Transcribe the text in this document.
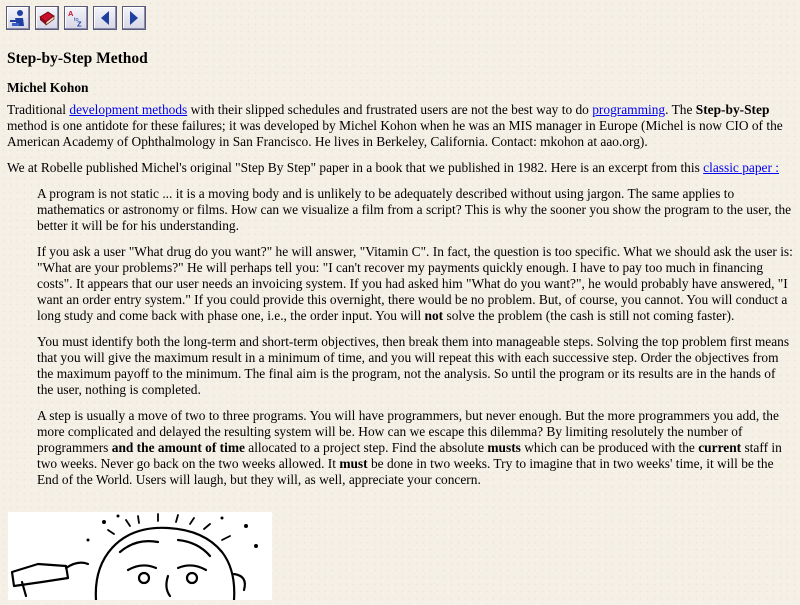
A
to
Z
Step-by-Step Method

Michel Kohon

Traditional development methods with their slipped schedules and frustrated users are not the best way to do programming. The Step-by-Step method is one antidote for these failures; it was developed by Michel Kohon when he was an MIS manager in Europe (Michel is now CIO of the American Academy of Ophthalmology in San Francisco. He lives in Berkeley, California. Contact: mkohon at aao.org).

We at Robelle published Michel's original "Step By Step" paper in a book that we published in 1982. Here is an excerpt from this classic paper :

A program is not static ... it is a moving body and is unlikely to be adequately described without using jargon. The same applies to mathematics or astronomy or films. How can we visualize a film from a script? This is why the sooner you show the program to the user, the better it will be for his understanding.

If you ask a user "What drug do you want?" he will answer, "Vitamin C". In fact, the question is too specific. What we should ask the user is: "What are your problems?" He will perhaps tell you: "I can't recover my payments quickly enough. I have to pay too much in financing costs". It appears that our user needs an invoicing system. If you had asked him "What do you want?", he would probably have answered, "I want an order entry system." If you could provide this overnight, there would be no problem. But, of course, you cannot. You will conduct a long study and come back with phase one, i.e., the order input. You will not solve the problem (the cash is still not coming faster).

You must identify both the long-term and short-term objectives, then break them into manageable steps. Solving the top problem first means that you will give the maximum result in a minimum of time, and you will repeat this with each successive step. Order the objectives from the maximum payoff to the minimum. The final aim is the program, not the analysis. So until the program or its results are in the hands of the user, nothing is completed.

A step is usually a move of two to three programs. You will have programmers, but never enough. But the more programmers you add, the more complicated and delayed the resulting system will be. How can we escape this dilemma? By limiting resolutely the number of programmers and the amount of time allocated to a project step. Find the absolute musts which can be produced with the current staff in two weeks. Never go back on the two weeks allowed. It must be done in two weeks. Try to imagine that in two weeks' time, it will be the End of the World. Users will laugh, but they will, as well, appreciate your concern.
